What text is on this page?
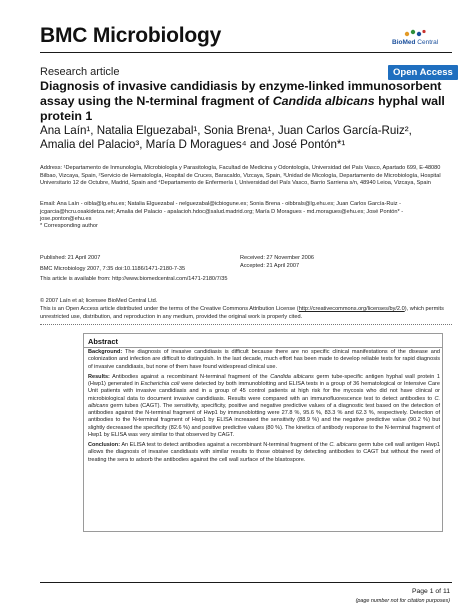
BMC Microbiology	BioMed Central
Research article	Open Access
Diagnosis of invasive candidiasis by enzyme-linked immunosorbent assay using the N-terminal fragment of Candida albicans hyphal wall protein 1
Ana Laín¹, Natalia Elguezabal¹, Sonia Brena¹, Juan Carlos García-Ruiz²,
Amalia del Palacio³, María D Moragues⁴ and José Pontón*¹
Address: ¹Departamento de Inmunología, Microbiología y Parasitología, Facultad de Medicina y Odontología, Universidad del País Vasco, Apartado 699, E-48080 Bilbao, Vizcaya, Spain, ²Servicio de Hematología, Hospital de Cruces, Baracaldo, Vizcaya, Spain, ³Unidad de Micología, Departamento de Microbiología, Hospital Universitario 12 de Octubre, Madrid, Spain and ⁴Departamento de Enfermería I, Universidad del País Vasco, Barrio Sarriena s/n, 48940 Leioa, Vizcaya, Spain
Email: Ana Laín - oibla@lg.ehu.es; Natalia Elguezabal - nelguezabal@icbiogune.es; Sonia Brena - oibbrals@lg.ehu.es; Juan Carlos García-Ruiz - jcgarcia@hcru.osakidetza.net; Amalia del Palacio - apalacioh.hdoc@salud.madrid.org; María D Moragues - md.moragues@ehu.es; José Pontón* - jose.ponton@ehu.es
* Corresponding author
Published: 21 April 2007	Received: 27 November 2006
Accepted: 21 April 2007
BMC Microbiology 2007, 7:35 doi:10.1186/1471-2180-7-35
This article is available from: http://www.biomedcentral.com/1471-2180/7/35
© 2007 Laín et al; licensee BioMed Central Ltd.
This is an Open Access article distributed under the terms of the Creative Commons Attribution License (http://creativecommons.org/licenses/by/2.0), which permits unrestricted use, distribution, and reproduction in any medium, provided the original work is properly cited.
Abstract

Background: The diagnosis of invasive candidiasis is difficult because there are no specific clinical manifestations of the disease and colonization and infection are difficult to distinguish. In the last decade, much effort has been made to develop reliable tests for rapid diagnosis of invasive candidiasis, but none of them have found widespread clinical use.

Results: Antibodies against a recombinant N-terminal fragment of the Candida albicans germ tube-specific antigen hyphal wall protein 1 (Hwp1) generated in Escherichia coli were detected by both immunoblotting and ELISA tests in a group of 36 hematological or Intensive Care Unit patients with invasive candidiasis and in a group of 45 control patients at high risk for the mycosis who did not have clinical or microbiological data to document invasive candidiasis. Results were compared with an immunofluorescence test to detect antibodies to C. albicans germ tubes (CAGT). The sensitivity, specificity, positive and negative predictive values of a diagnostic test based on the detection of antibodies against the N-terminal fragment of Hwp1 by immunoblotting were 27.8 %, 95.6 %, 83.3 % and 62.3 %, respectively. Detection of antibodies to the N-terminal fragment of Hwp1 by ELISA increased the sensitivity (88.9 %) and the negative predictive value (90.2 %) but slightly decreased the specificity (82.6 %) and positive predictive values (80 %). The kinetics of antibody response to the N-terminal fragment of Hwp1 by ELISA was very similar to that observed by CAGT.

Conclusion: An ELISA test to detect antibodies against a recombinant N-terminal fragment of the C. albicans germ tube cell wall antigen Hwp1 allows the diagnosis of invasive candidiasis with similar results to those obtained by detecting antibodies to CAGT but without the need of treating the sera to adsorb the antibodies against the cell wall surface of the blastospore.

Page 1 of 11
(page number not for citation purposes)
